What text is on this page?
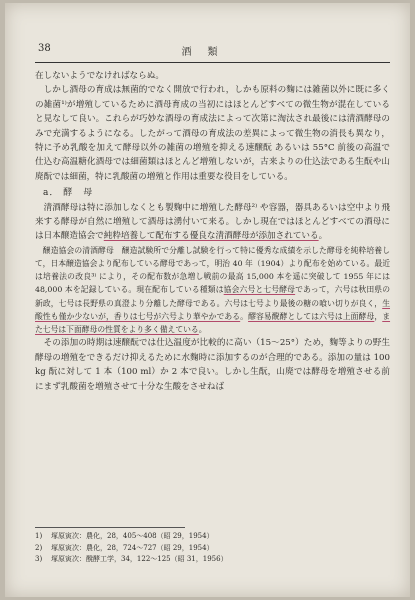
38	酒類

在しないようでなければならぬ。

しかし酒母の育成は無菌的でなく開放で行われ，しかも原料の麴には雑菌以外に既に多くの雑菌¹⁾が増殖しているために酒母育成の当初にはほとんどすべての微生物が混在していると見なして良い。これらが巧妙な酒母の育成法によって次第に淘汰され最後には清酒酵母のみで充満するようになる。したがって酒母の育成法の差異によって微生物の消長も異なり，特に予め乳酸を加えて酵母以外の雑菌の増殖を抑える速醸酛 あるいは 55°C 前後の高温で仕込む高温糖化酒母では細菌類はほとんど増殖しないが，古来よりの仕込法である生酛や山廃酛では細菌，特に乳酸菌の増殖と作用は重要な役目をしている。

a． 酵　母

清酒酵母は特に添加しなくとも製麴中に増殖した酵母²⁾ や容器，器具あるいは空中より飛来する酵母が自然に増殖して酒母は湧付いて来る。しかし現在ではほとんどすべての酒母には日本醸造協会で純粋培養して配布する優良な清酒酵母が添加されている。

醸造協会の清酒酵母　醸造試験所で分離し試験を行って特に優秀な成績を示した酵母を純粋培養して，日本醸造協会より配布している酵母であって，明治 40 年（1904）より配布を始めている。最近は培養法の改良³⁾ により，その配布数が急増し戦前の最高 15,000 本を遥に突破して 1955 年には 48,000 本を記録している。現在配布している種類は協会六号と七号酵母であって，六号は秋田県の新政，七号は長野県の真澄より分離した酵母である。六号は七号より最後の糖の喰い切りが良く，生酸性も僅か少ないが，香りは七号が六号より華やかである。醪容易醗酵としては六号は上面酵母，また七号は下面酵母の性質をより多く備えている。

その添加の時期は速醸酛では仕込温度が比較的に高い（15～25°）ため，麴等よりの野生酵母の増殖をできるだけ抑えるために水麴時に添加するのが合理的である。添加の量は 100 kg 酛に対して 1 本（100 ml）か 2 本で良い。しかし生酛，山廃では酵母を増殖させる前にまず乳酸菌を増殖させて十分な生酸をさせねば

1) 塚原寅次：農化，28，405～408（昭 29，1954）
2) 塚原寅次：農化，28，724～727（昭 29，1954）
3) 塚原寅次：醗酵工学，34，122～125（昭 31，1956）
